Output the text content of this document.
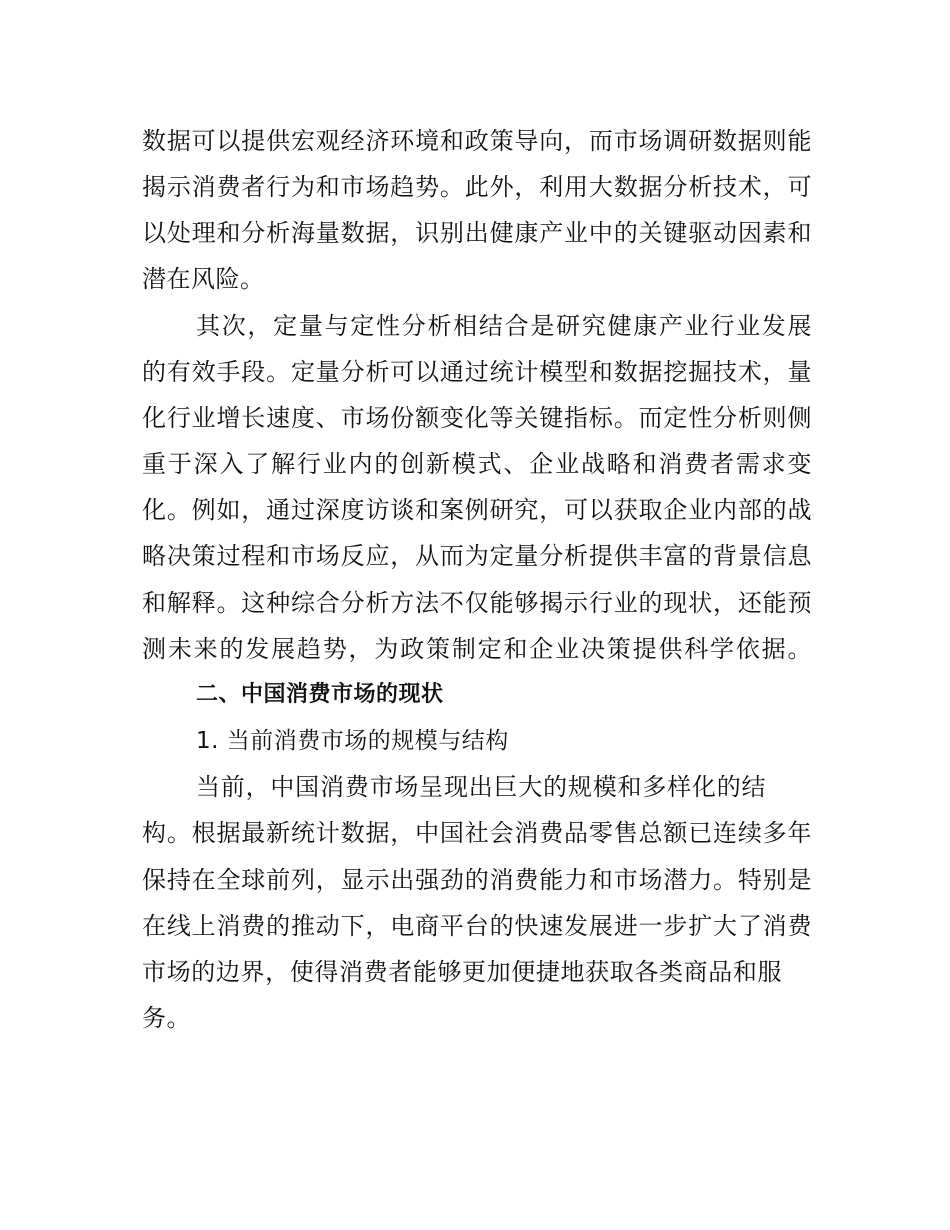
数据可以提供宏观经济环境和政策导向，而市场调研数据则能
揭示消费者行为和市场趋势。此外，利用大数据分析技术，可
以处理和分析海量数据，识别出健康产业中的关键驱动因素和
潜在风险。
其次，定量与定性分析相结合是研究健康产业行业发展
的有效手段。定量分析可以通过统计模型和数据挖掘技术，量
化行业增长速度、市场份额变化等关键指标。而定性分析则侧
重于深入了解行业内的创新模式、企业战略和消费者需求变
化。例如，通过深度访谈和案例研究，可以获取企业内部的战
略决策过程和市场反应，从而为定量分析提供丰富的背景信息
和解释。这种综合分析方法不仅能够揭示行业的现状，还能预
测未来的发展趋势，为政策制定和企业决策提供科学依据。
二、中国消费市场的现状
1. 当前消费市场的规模与结构
当前，中国消费市场呈现出巨大的规模和多样化的结
构。根据最新统计数据，中国社会消费品零售总额已连续多年
保持在全球前列，显示出强劲的消费能力和市场潜力。特别是
在线上消费的推动下，电商平台的快速发展进一步扩大了消费
市场的边界，使得消费者能够更加便捷地获取各类商品和服
务。
